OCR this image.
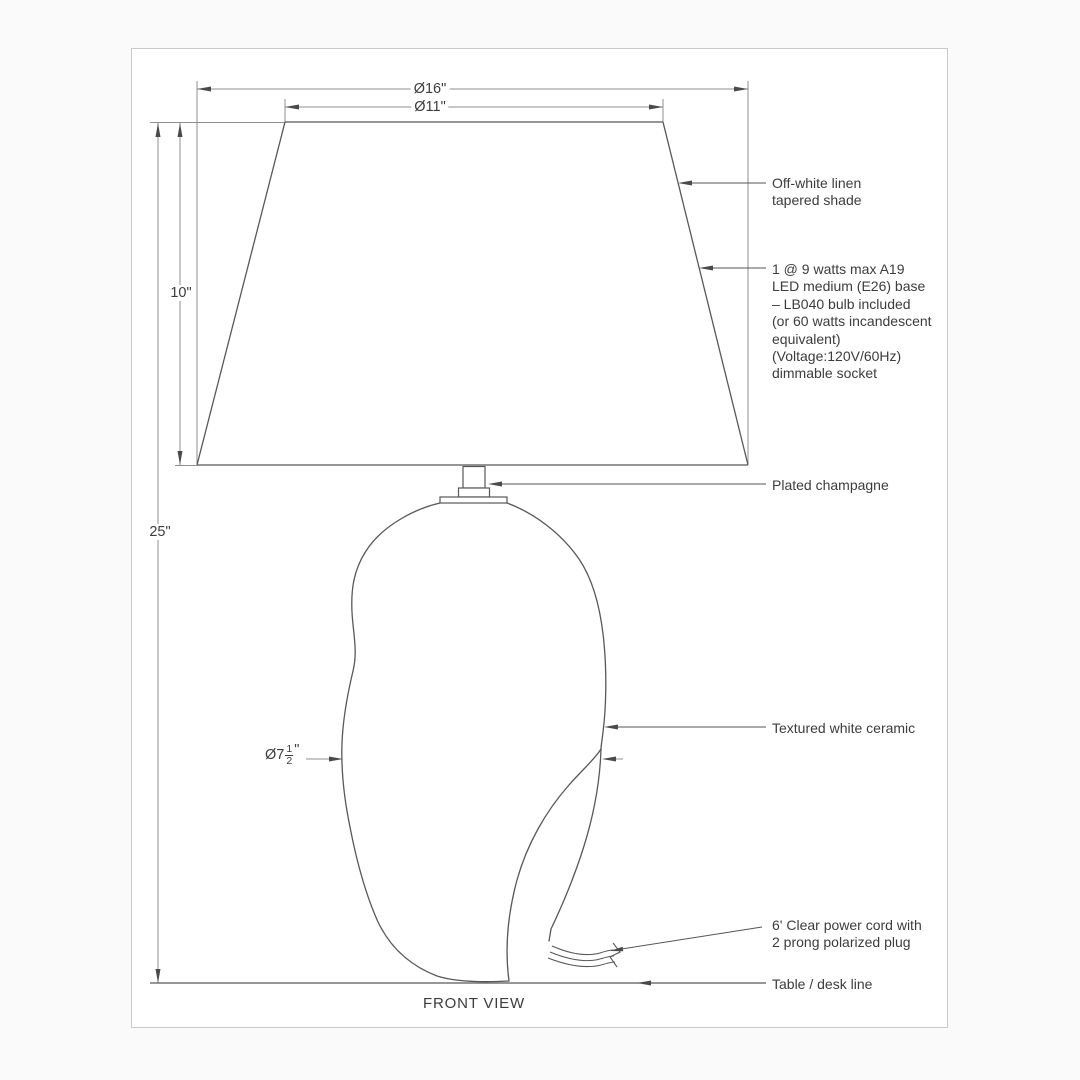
Ø16"
Ø11"
10"
25"
Ø7 $\frac{1}{2}$ "
Off-white linen
tapered shade
1 @ 9 watts max A19
LED medium (E26) base
– LB040 bulb included
(or 60 watts incandescent
equivalent)
(Voltage:120V/60Hz)
dimmable socket
Plated champagne
Textured white ceramic
6' Clear power cord with
2 prong polarized plug
Table / desk line
FRONT VIEW
